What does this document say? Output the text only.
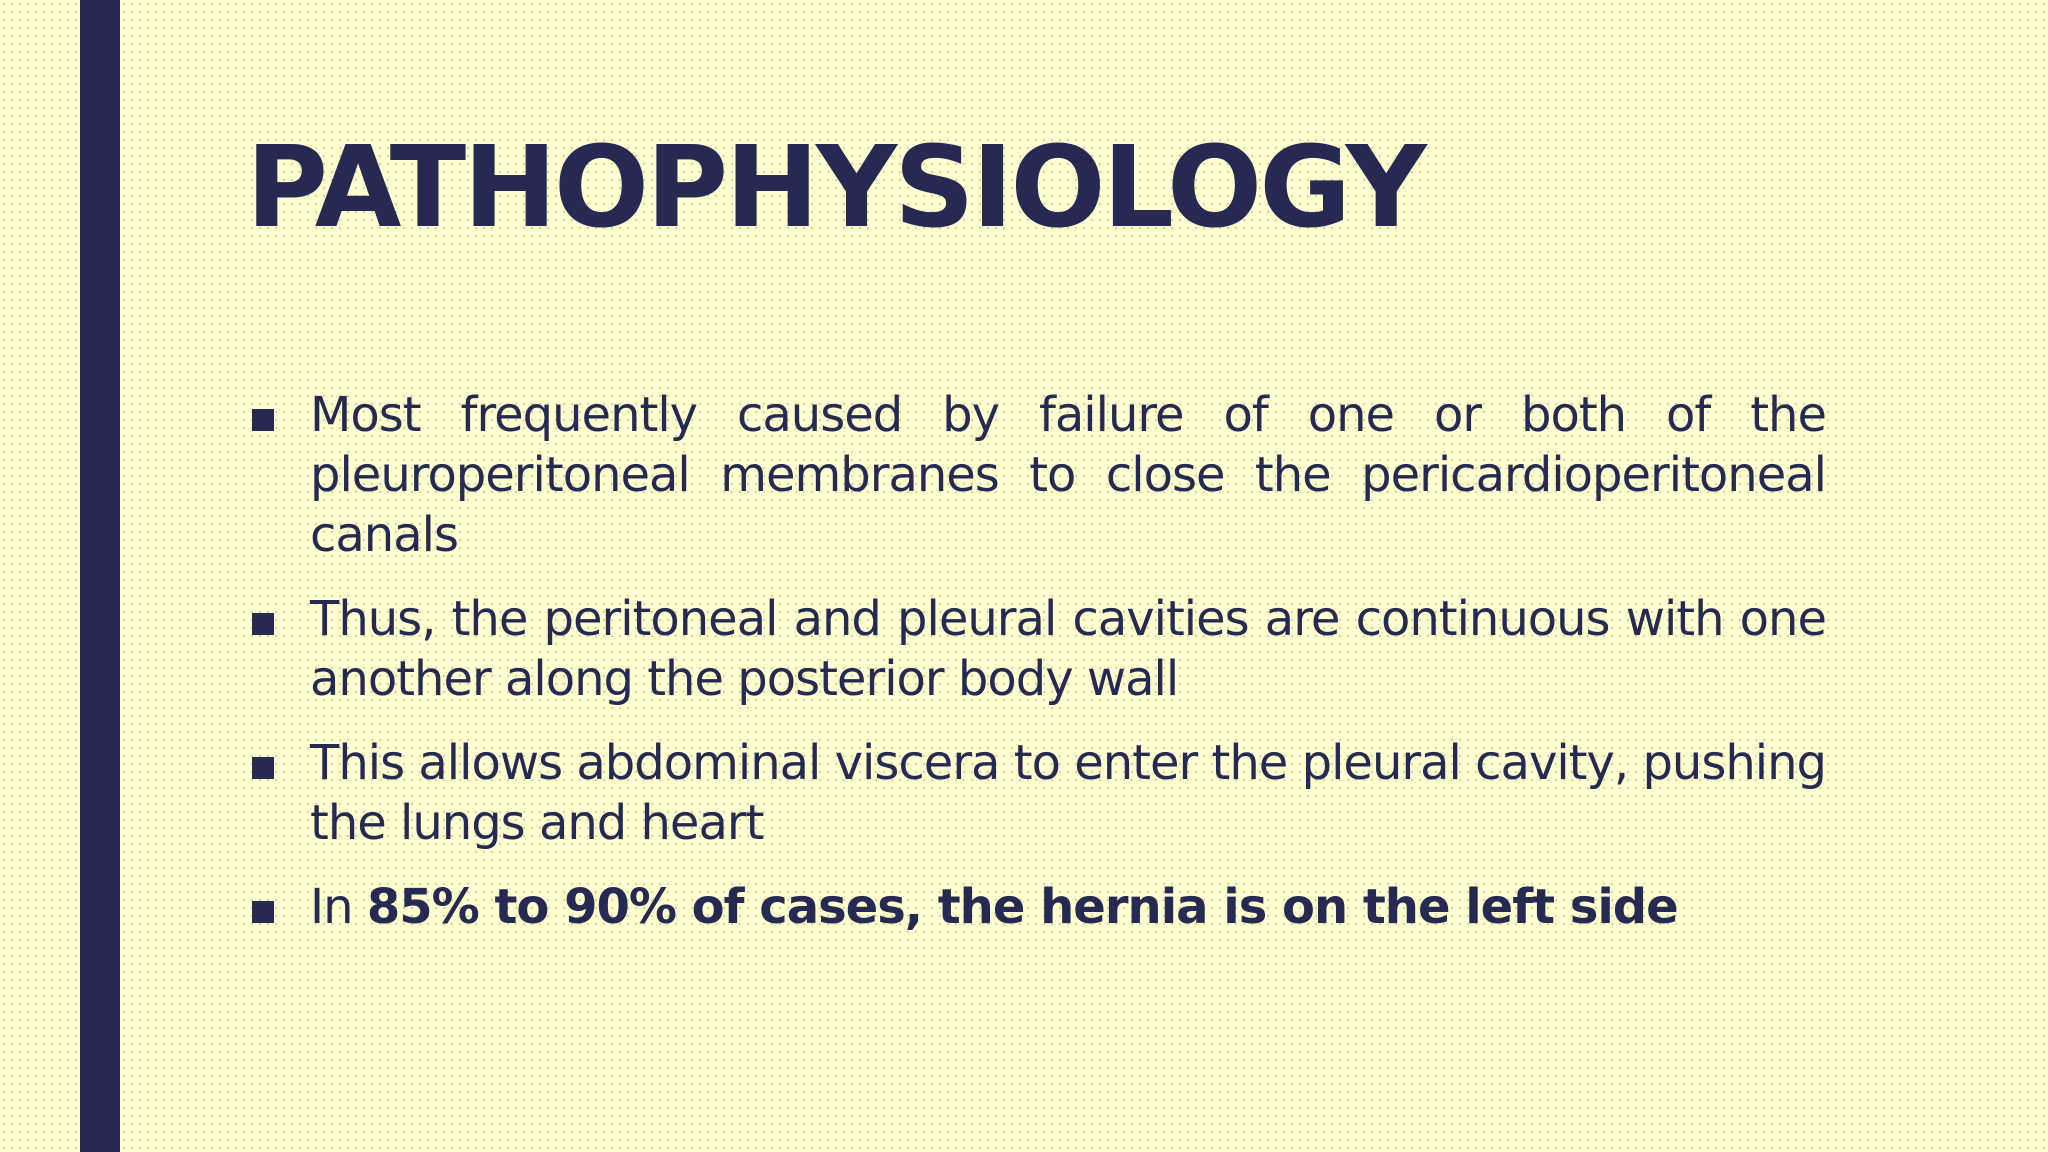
PATHOPHYSIOLOGY
Most frequently caused by failure of one or both of the pleuroperitoneal membranes to close the pericardioperitoneal canals
Thus, the peritoneal and pleural cavities are continuous with one another along the posterior body wall
This allows abdominal viscera to enter the pleural cavity, pushing the lungs and heart
In 85% to 90% of cases, the hernia is on the left side
